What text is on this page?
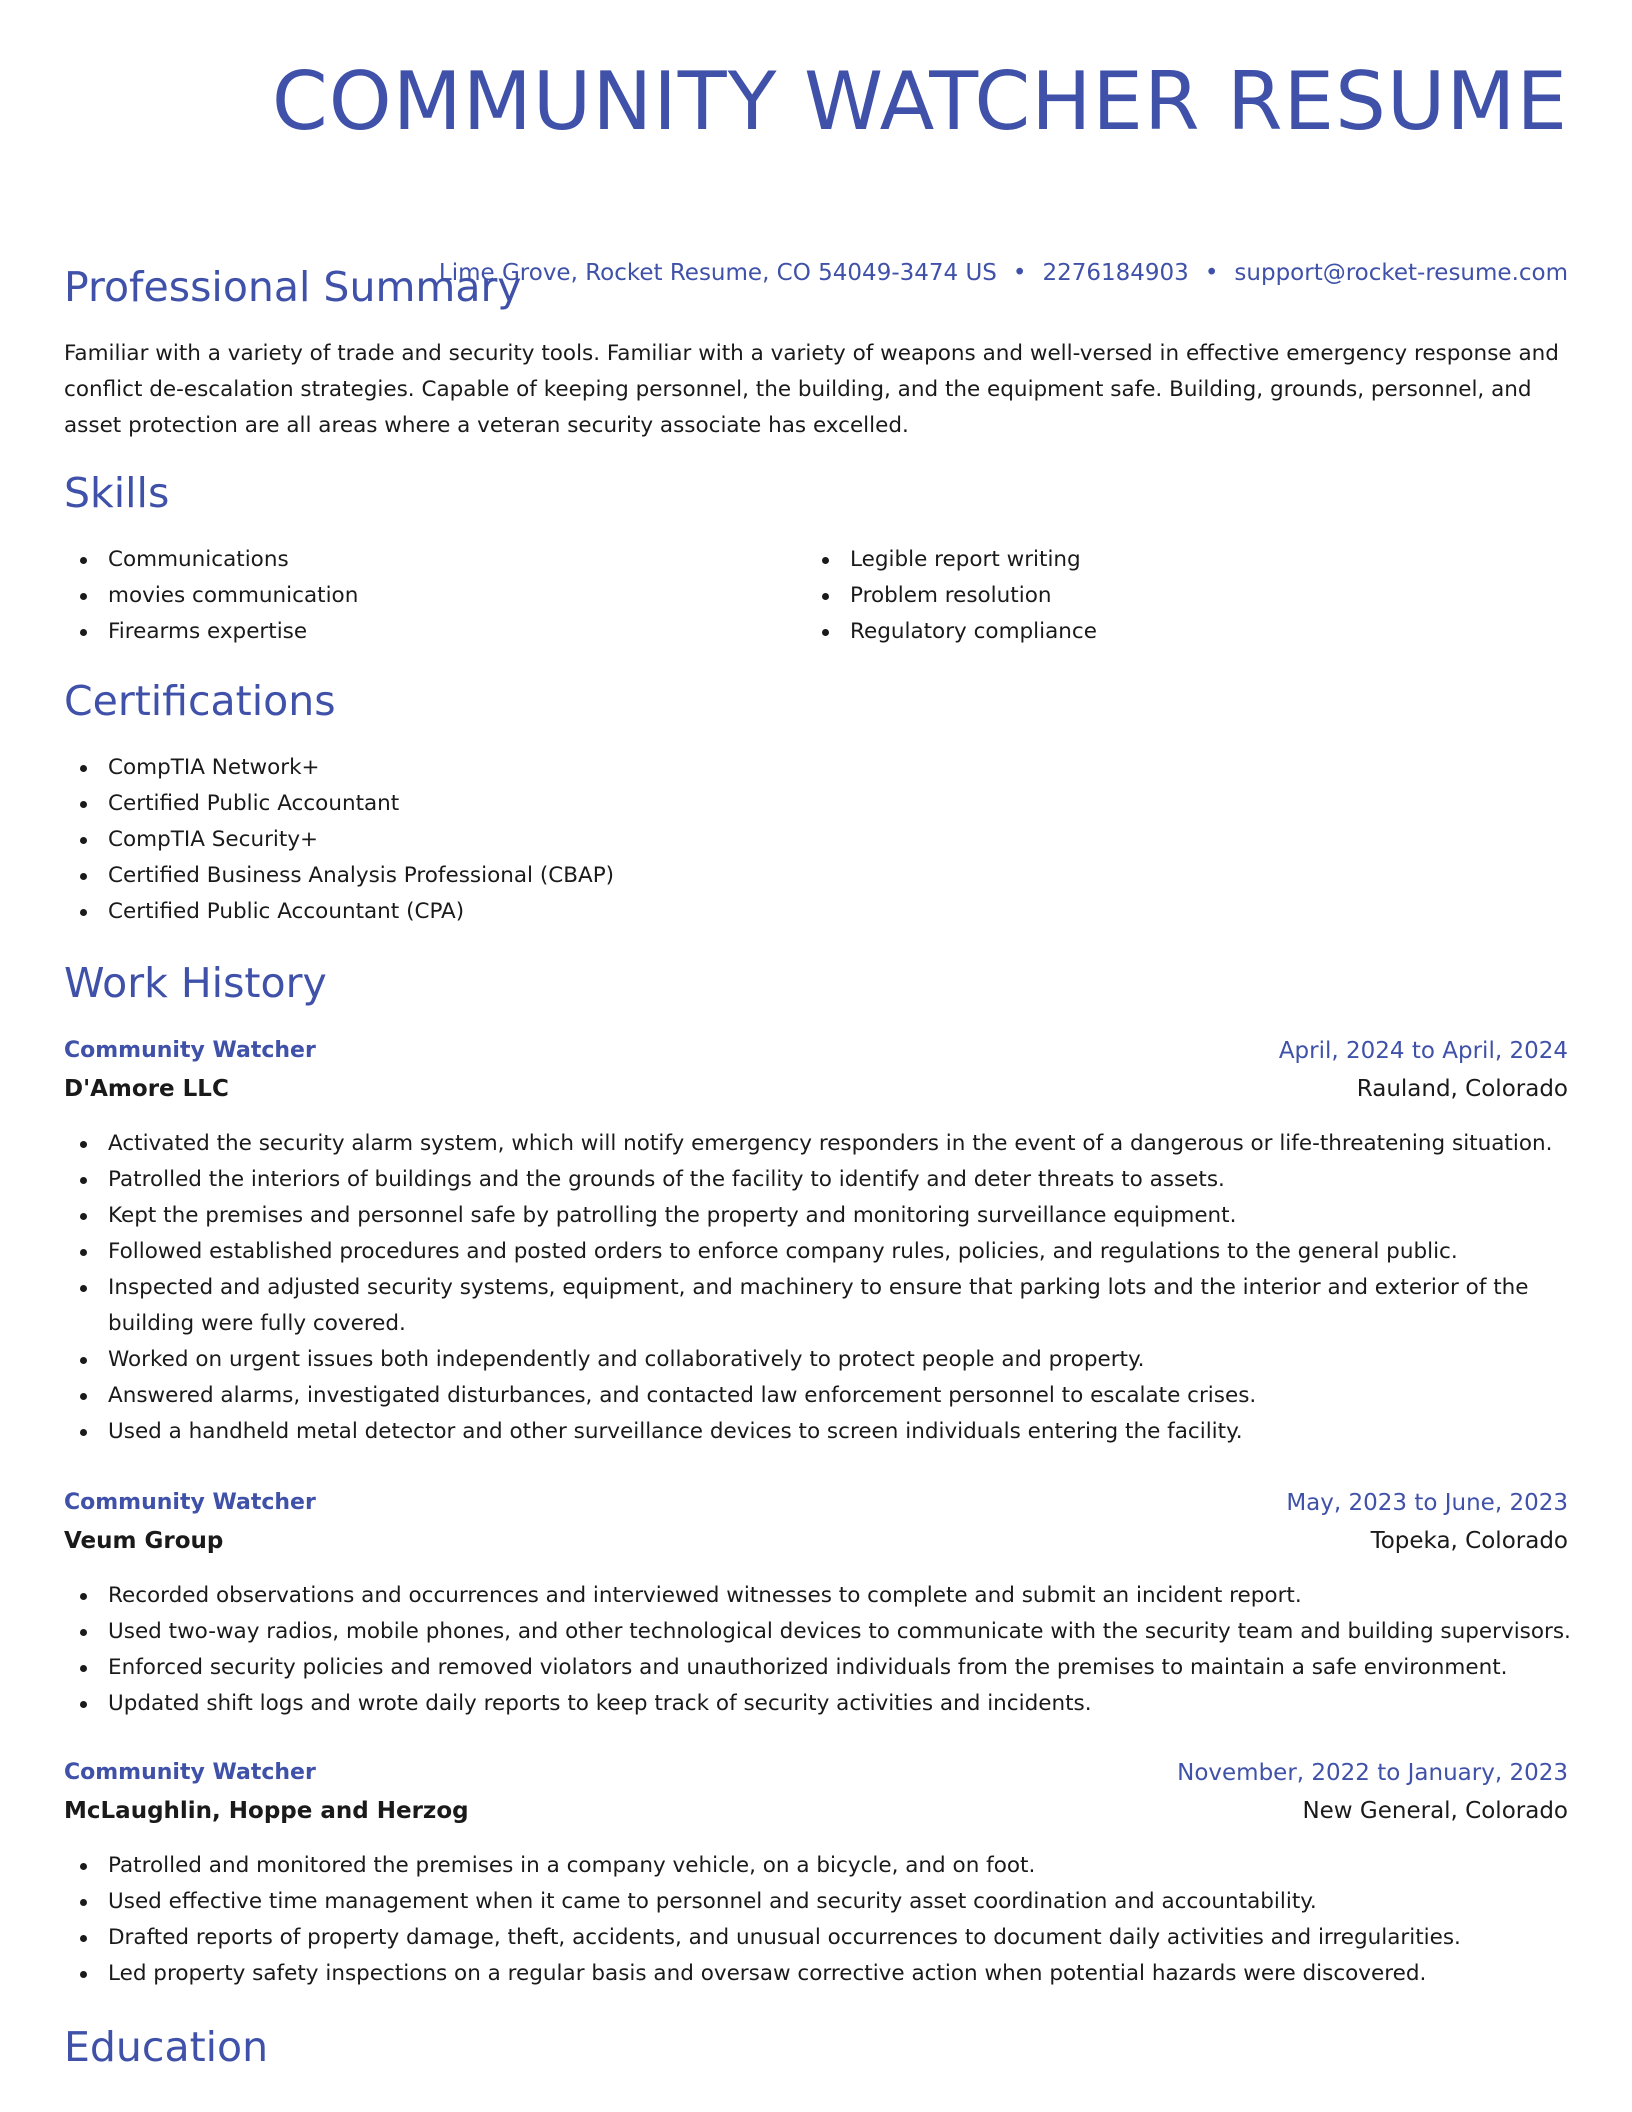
COMMUNITY WATCHER RESUME
Lime Grove, Rocket Resume, CO 54049-3474 US • 2276184903 • support@rocket-resume.com
Professional Summary

Familiar with a variety of trade and security tools. Familiar with a variety of weapons and well-versed in effective emergency response and conflict de-escalation strategies. Capable of keeping personnel, the building, and the equipment safe. Building, grounds, personnel, and asset protection are all areas where a veteran security associate has excelled.

Skills
Communications
movies communication
Firearms expertise
Legible report writing
Problem resolution
Regulatory compliance
Certifications
CompTIA Network+
Certified Public Accountant
CompTIA Security+
Certified Business Analysis Professional (CBAP)
Certified Public Accountant (CPA)
Work History
Community Watcher	April, 2024 to April, 2024
D'Amore LLC	Rauland, Colorado
Activated the security alarm system, which will notify emergency responders in the event of a dangerous or life-threatening situation.
Patrolled the interiors of buildings and the grounds of the facility to identify and deter threats to assets.
Kept the premises and personnel safe by patrolling the property and monitoring surveillance equipment.
Followed established procedures and posted orders to enforce company rules, policies, and regulations to the general public.
Inspected and adjusted security systems, equipment, and machinery to ensure that parking lots and the interior and exterior of the building were fully covered.
Worked on urgent issues both independently and collaboratively to protect people and property.
Answered alarms, investigated disturbances, and contacted law enforcement personnel to escalate crises.
Used a handheld metal detector and other surveillance devices to screen individuals entering the facility.
Community Watcher	May, 2023 to June, 2023
Veum Group	Topeka, Colorado
Recorded observations and occurrences and interviewed witnesses to complete and submit an incident report.
Used two-way radios, mobile phones, and other technological devices to communicate with the security team and building supervisors.
Enforced security policies and removed violators and unauthorized individuals from the premises to maintain a safe environment.
Updated shift logs and wrote daily reports to keep track of security activities and incidents.
Community Watcher	November, 2022 to January, 2023
McLaughlin, Hoppe and Herzog	New General, Colorado
Patrolled and monitored the premises in a company vehicle, on a bicycle, and on foot.
Used effective time management when it came to personnel and security asset coordination and accountability.
Drafted reports of property damage, theft, accidents, and unusual occurrences to document daily activities and irregularities.
Led property safety inspections on a regular basis and oversaw corrective action when potential hazards were discovered.
Education
